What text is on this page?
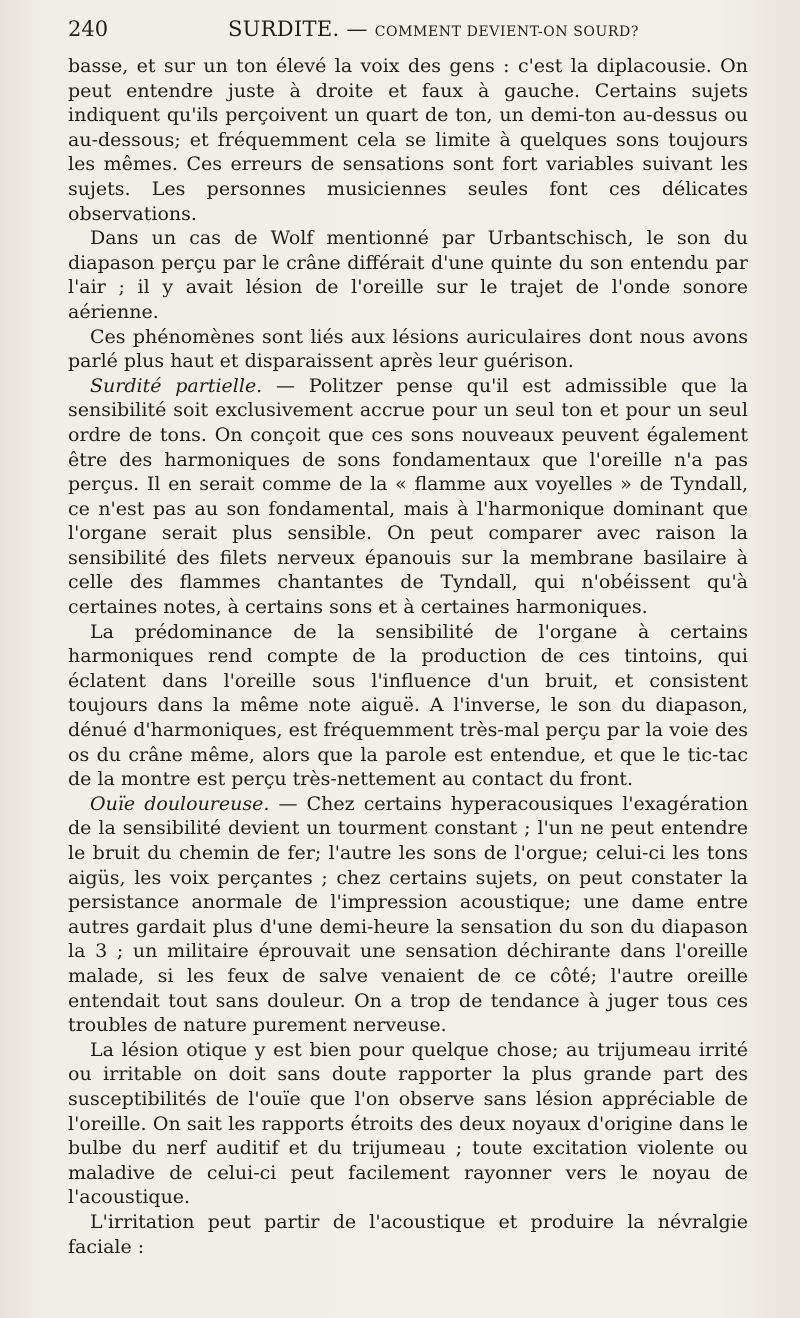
240	SURDITE. — COMMENT DEVIENT-ON SOURD?

basse, et sur un ton élevé la voix des gens : c'est la diplacousie. On peut entendre juste à droite et faux à gauche. Certains sujets indiquent qu'ils perçoivent un quart de ton, un demi-ton au-dessus ou au-dessous; et fréquemment cela se limite à quelques sons toujours les mêmes. Ces erreurs de sensations sont fort variables suivant les sujets. Les personnes musiciennes seules font ces délicates observations.

Dans un cas de Wolf mentionné par Urbantschisch, le son du diapason perçu par le crâne différait d'une quinte du son entendu par l'air ; il y avait lésion de l'oreille sur le trajet de l'onde sonore aérienne.

Ces phénomènes sont liés aux lésions auriculaires dont nous avons parlé plus haut et disparaissent après leur guérison.

Surdité partielle. — Politzer pense qu'il est admissible que la sensibilité soit exclusivement accrue pour un seul ton et pour un seul ordre de tons. On conçoit que ces sons nouveaux peuvent également être des harmoniques de sons fondamentaux que l'oreille n'a pas perçus. Il en serait comme de la « flamme aux voyelles » de Tyndall, ce n'est pas au son fondamental, mais à l'harmonique dominant que l'organe serait plus sensible. On peut comparer avec raison la sensibilité des filets nerveux épanouis sur la membrane basilaire à celle des flammes chantantes de Tyndall, qui n'obéissent qu'à certaines notes, à certains sons et à certaines harmoniques.

La prédominance de la sensibilité de l'organe à certains harmoniques rend compte de la production de ces tintoins, qui éclatent dans l'oreille sous l'influence d'un bruit, et consistent toujours dans la même note aiguë. A l'inverse, le son du diapason, dénué d'harmoniques, est fréquemment très-mal perçu par la voie des os du crâne même, alors que la parole est entendue, et que le tic-tac de la montre est perçu très-nettement au contact du front.

Ouïe douloureuse. — Chez certains hyperacousiques l'exagération de la sensibilité devient un tourment constant ; l'un ne peut entendre le bruit du chemin de fer; l'autre les sons de l'orgue; celui-ci les tons aigüs, les voix perçantes ; chez certains sujets, on peut constater la persistance anormale de l'impression acoustique; une dame entre autres gardait plus d'une demi-heure la sensation du son du diapason la 3 ; un militaire éprouvait une sensation déchirante dans l'oreille malade, si les feux de salve venaient de ce côté; l'autre oreille entendait tout sans douleur. On a trop de tendance à juger tous ces troubles de nature purement nerveuse.

La lésion otique y est bien pour quelque chose; au trijumeau irrité ou irritable on doit sans doute rapporter la plus grande part des susceptibilités de l'ouïe que l'on observe sans lésion appréciable de l'oreille. On sait les rapports étroits des deux noyaux d'origine dans le bulbe du nerf auditif et du trijumeau ; toute excitation violente ou maladive de celui-ci peut facilement rayonner vers le noyau de l'acoustique.

L'irritation peut partir de l'acoustique et produire la névralgie faciale :
